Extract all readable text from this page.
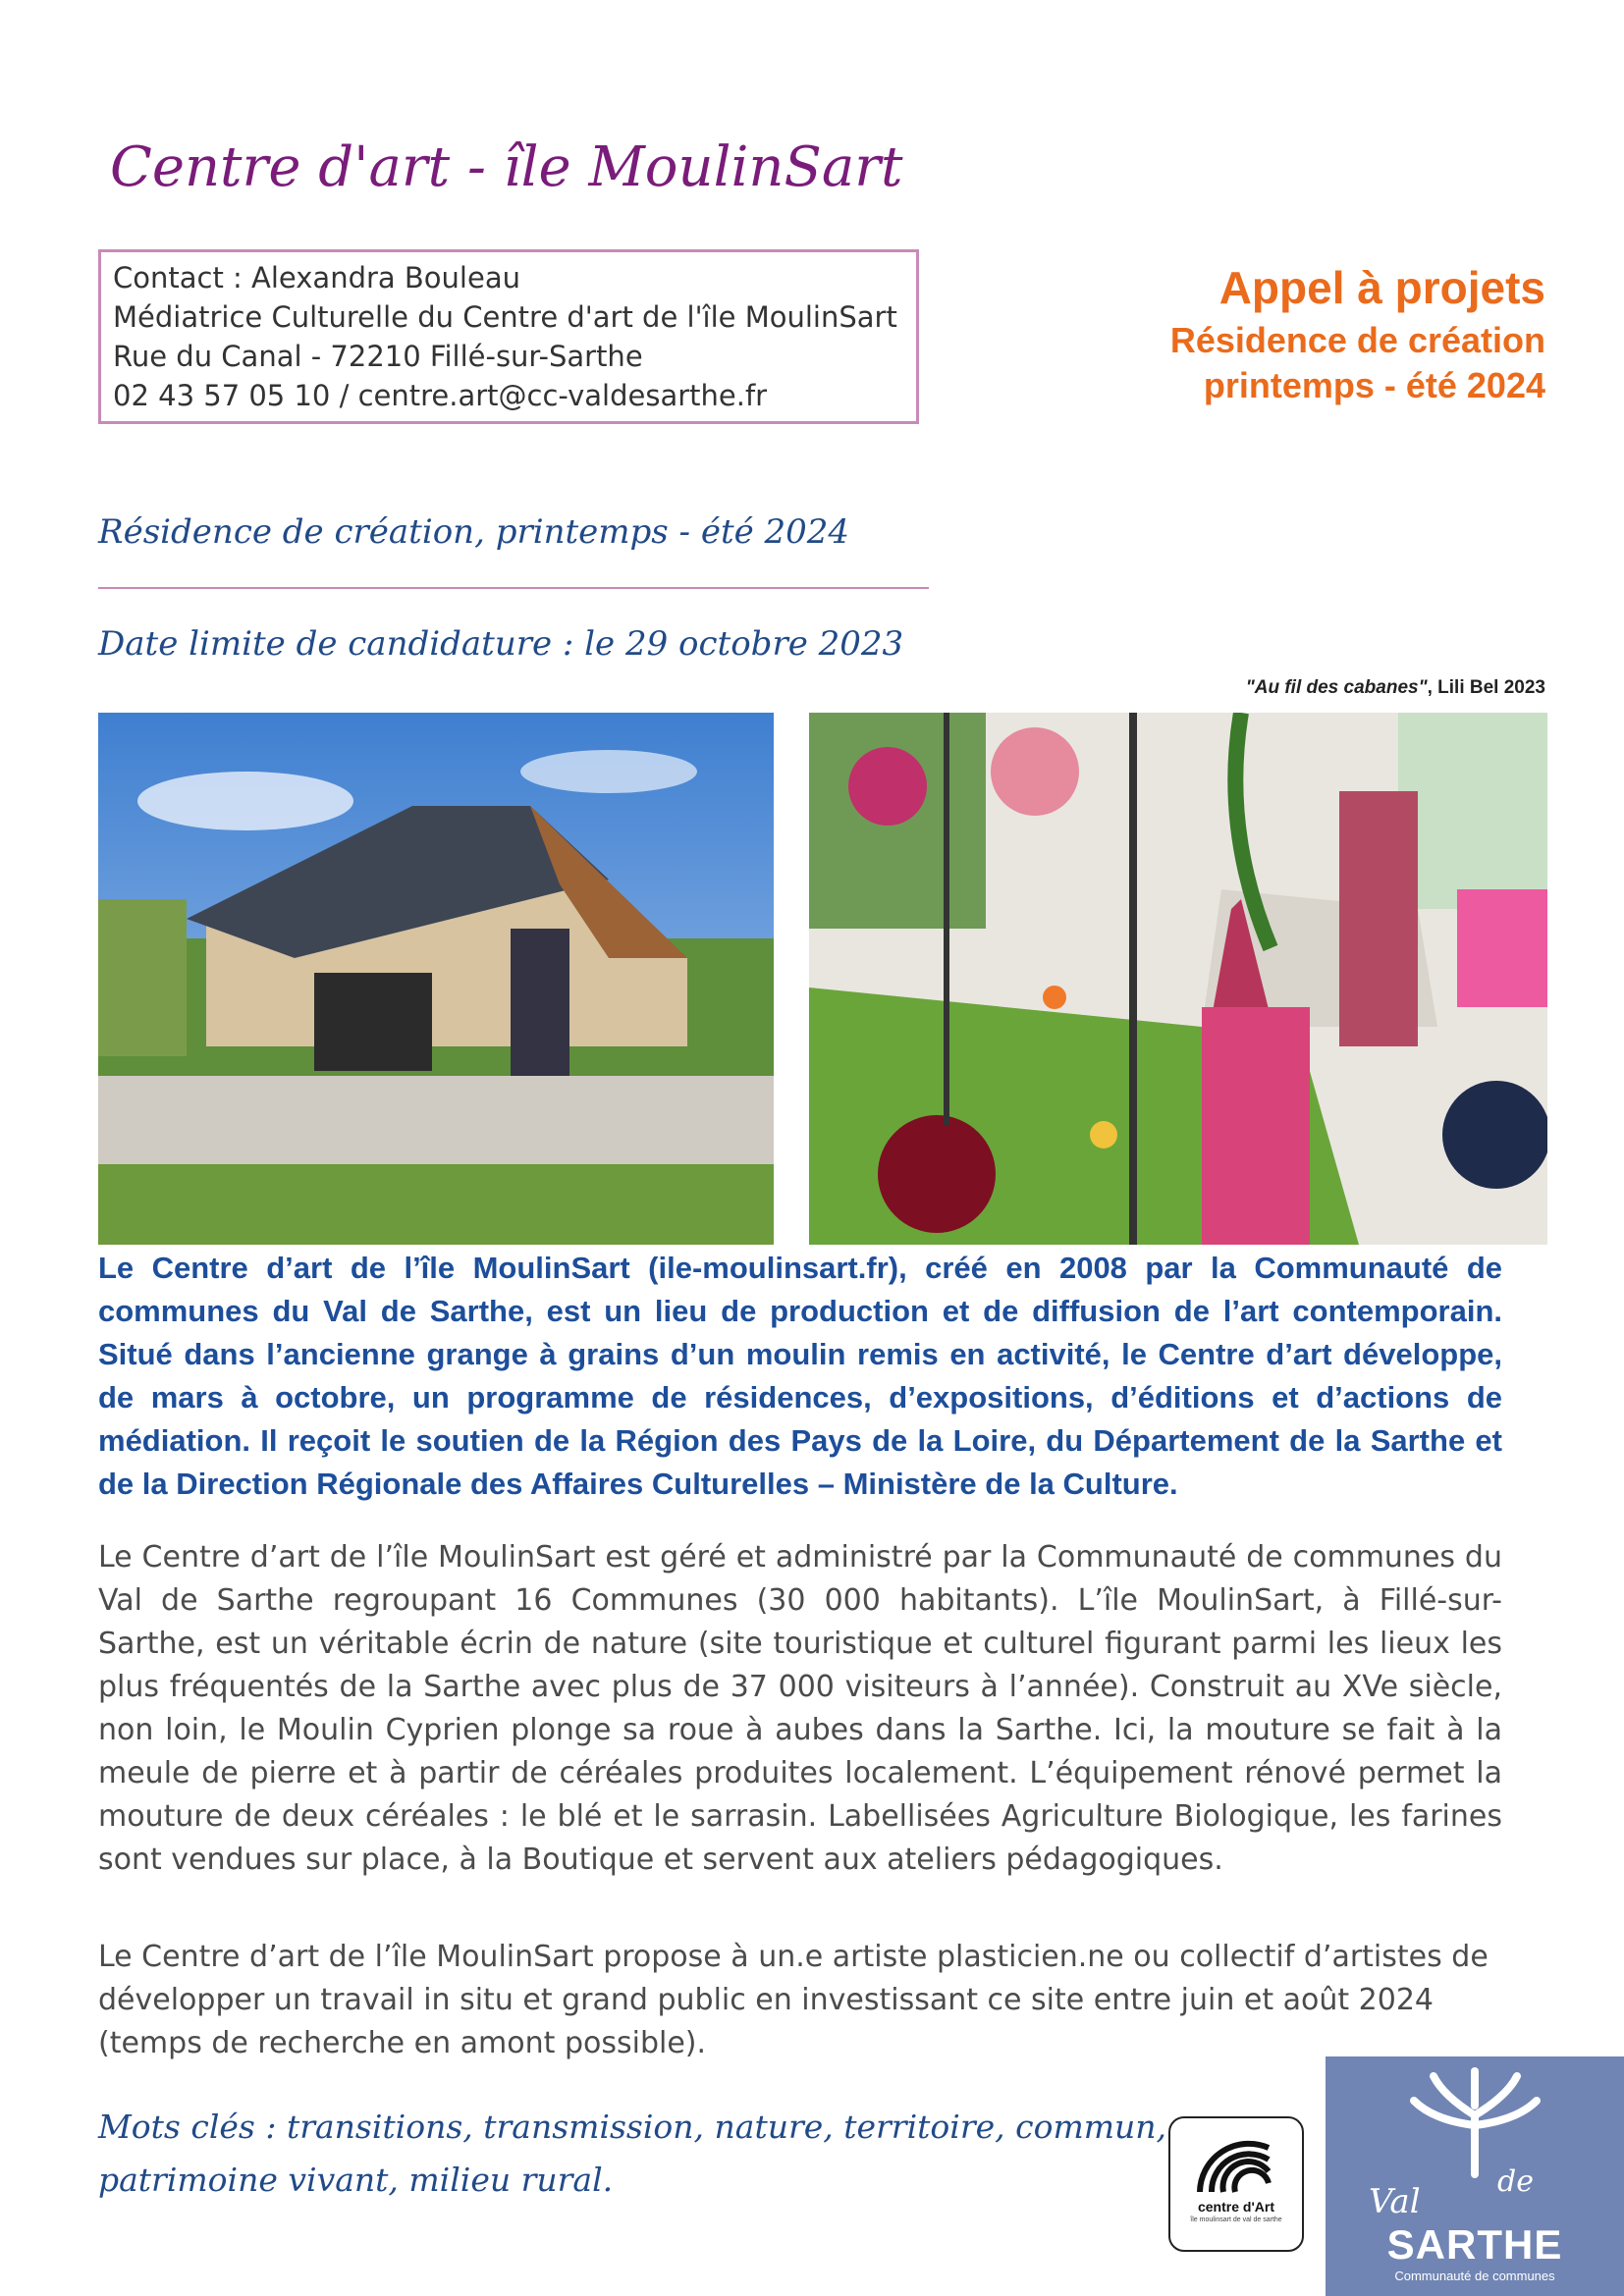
Centre d'art - île MoulinSart
Contact : Alexandra Bouleau
Médiatrice Culturelle du Centre d'art de l'île MoulinSart
Rue du Canal - 72210 Fillé-sur-Sarthe
02 43 57 05 10 / centre.art@cc-valdesarthe.fr
Appel à projets
Résidence de création
printemps - été 2024
Résidence de création, printemps - été 2024
Date limite de candidature : le 29 octobre 2023
"Au fil des cabanes", Lili Bel 2023
Le Centre d’art de l’île MoulinSart (ile-moulinsart.fr), créé en 2008 par la Communauté de communes du Val de Sarthe, est un lieu de production et de diffusion de l’art contemporain. Situé dans l’ancienne grange à grains d’un moulin remis en activité, le Centre d’art développe, de mars à octobre, un programme de résidences, d’expositions, d’éditions et d’actions de médiation. Il reçoit le soutien de la Région des Pays de la Loire, du Département de la Sarthe et de la Direction Régionale des Affaires Culturelles – Ministère de la Culture.
Le Centre d’art de l’île MoulinSart est géré et administré par la Communauté de communes du Val de Sarthe regroupant 16 Communes (30 000 habitants). L’île MoulinSart, à Fillé-sur- Sarthe, est un véritable écrin de nature (site touristique et culturel figurant parmi les lieux les plus fréquentés de la Sarthe avec plus de 37 000 visiteurs à l’année). Construit au XVe siècle, non loin, le Moulin Cyprien plonge sa roue à aubes dans la Sarthe. Ici, la mouture se fait à la meule de pierre et à partir de céréales produites localement. L’équipement rénové permet la mouture de deux céréales : le blé et le sarrasin. Labellisées Agriculture Biologique, les farines sont vendues sur place, à la Boutique et servent aux ateliers pédagogiques.
Le Centre d’art de l’île MoulinSart propose à un.e artiste plasticien.ne ou collectif d’artistes de développer un travail in situ et grand public en investissant ce site entre juin et août 2024 (temps de recherche en amont possible).
Mots clés : transitions, transmission, nature, territoire, commun,
patrimoine vivant, milieu rural.
centre d'Art
île moulinsart de val de sarthe	Val
de
SARTHE
Communauté de communes
